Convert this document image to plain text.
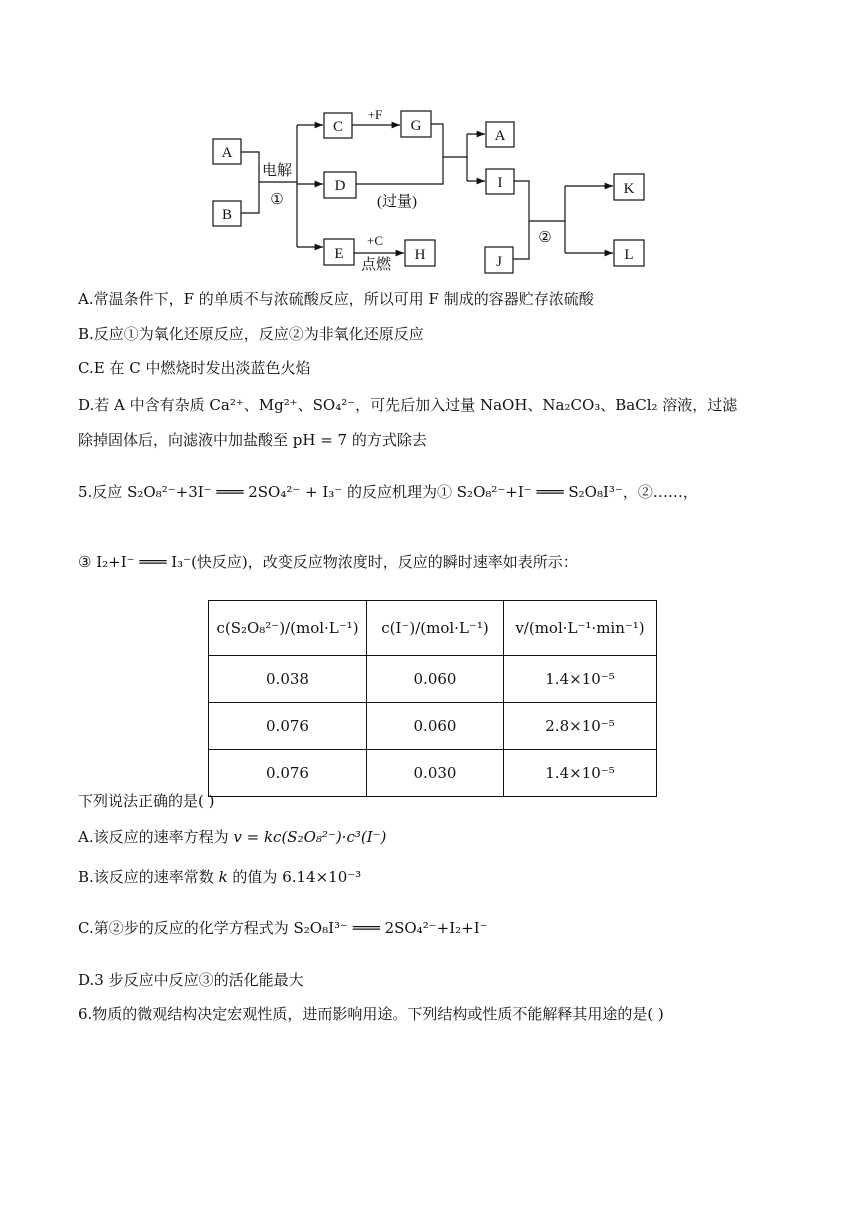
A
B
电解
①
C
+F
G
D
(过量)
A
I
E
+C
点燃
H	J
②
K
L
A.常温条件下，F 的单质不与浓硫酸反应，所以可用 F 制成的容器贮存浓硫酸
B.反应①为氧化还原反应，反应②为非氧化还原反应
C.E 在 C 中燃烧时发出淡蓝色火焰
D.若 A 中含有杂质 Ca²⁺、Mg²⁺、SO₄²⁻，可先后加入过量 NaOH、Na₂CO₃、BaCl₂ 溶液，过滤
除掉固体后，向滤液中加盐酸至 pH = 7 的方式除去
5.反应 S₂O₈²⁻+3I⁻ ═══ 2SO₄²⁻ + I₃⁻ 的反应机理为① S₂O₈²⁻+I⁻ ═══ S₂O₈I³⁻，②……，
③ I₂+I⁻ ═══ I₃⁻(快反应)，改变反应物浓度时，反应的瞬时速率如表所示：
c(S₂O₈²⁻)/(mol·L⁻¹)	c(I⁻)/(mol·L⁻¹)	v/(mol·L⁻¹·min⁻¹)
0.038	0.060	1.4×10⁻⁵
0.076	0.060	2.8×10⁻⁵
0.076	0.030	1.4×10⁻⁵
下列说法正确的是( )
A.该反应的速率方程为 v = kc(S₂O₈²⁻)·c³(I⁻)
B.该反应的速率常数 k 的值为 6.14×10⁻³
C.第②步的反应的化学方程式为 S₂O₈I³⁻ ═══ 2SO₄²⁻+I₂+I⁻
D.3 步反应中反应③的活化能最大
6.物质的微观结构决定宏观性质，进而影响用途。下列结构或性质不能解释其用途的是( )
